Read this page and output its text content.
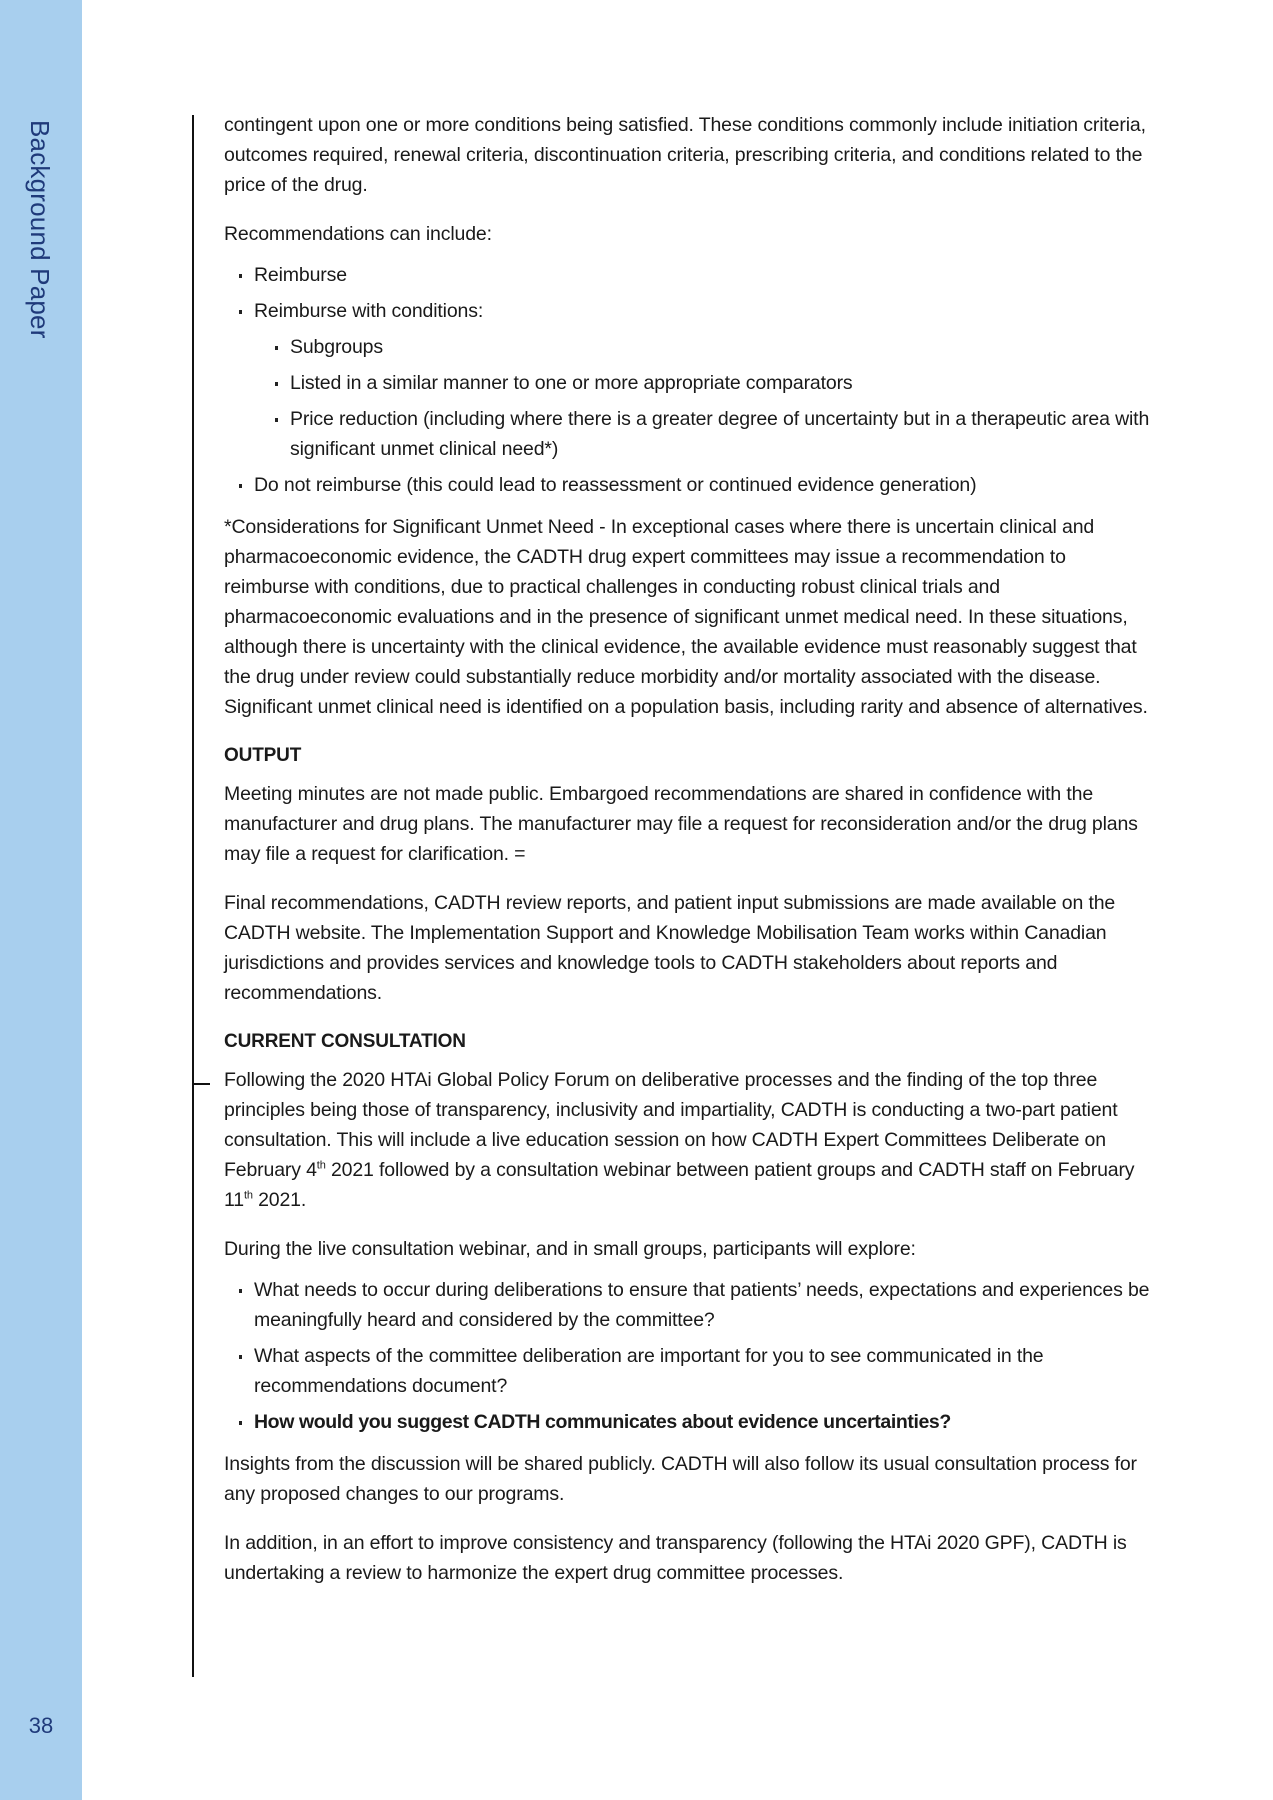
Background Paper
38

contingent upon one or more conditions being satisfied. These conditions commonly include initiation criteria, outcomes required, renewal criteria, discontinuation criteria, prescribing criteria, and conditions related to the price of the drug.

Recommendations can include:

Reimburse
Reimburse with conditions:
Subgroups
Listed in a similar manner to one or more appropriate comparators
Price reduction (including where there is a greater degree of uncertainty but in a therapeutic area with significant unmet clinical need*)
Do not reimburse (this could lead to reassessment or continued evidence generation)

*Considerations for Significant Unmet Need - In exceptional cases where there is uncertain clinical and pharmacoeconomic evidence, the CADTH drug expert committees may issue a recommendation to reimburse with conditions, due to practical challenges in conducting robust clinical trials and pharmacoeconomic evaluations and in the presence of significant unmet medical need. In these situations, although there is uncertainty with the clinical evidence, the available evidence must reasonably suggest that the drug under review could substantially reduce morbidity and/or mortality associated with the disease. Significant unmet clinical need is identified on a population basis, including rarity and absence of alternatives.

OUTPUT

Meeting minutes are not made public. Embargoed recommendations are shared in confidence with the manufacturer and drug plans. The manufacturer may file a request for reconsideration and/or the drug plans may file a request for clarification. =

Final recommendations, CADTH review reports, and patient input submissions are made available on the CADTH website. The Implementation Support and Knowledge Mobilisation Team works within Canadian jurisdictions and provides services and knowledge tools to CADTH stakeholders about reports and recommendations.

CURRENT CONSULTATION

Following the 2020 HTAi Global Policy Forum on deliberative processes and the finding of the top three principles being those of transparency, inclusivity and impartiality, CADTH is conducting a two-part patient consultation. This will include a live education session on how CADTH Expert Committees Deliberate on February 4th 2021 followed by a consultation webinar between patient groups and CADTH staff on February 11th 2021.

During the live consultation webinar, and in small groups, participants will explore:

What needs to occur during deliberations to ensure that patients’ needs, expectations and experiences be meaningfully heard and considered by the committee?
What aspects of the committee deliberation are important for you to see communicated in the recommendations document?
How would you suggest CADTH communicates about evidence uncertainties?

Insights from the discussion will be shared publicly. CADTH will also follow its usual consultation process for any proposed changes to our programs.

In addition, in an effort to improve consistency and transparency (following the HTAi 2020 GPF), CADTH is undertaking a review to harmonize the expert drug committee processes.
